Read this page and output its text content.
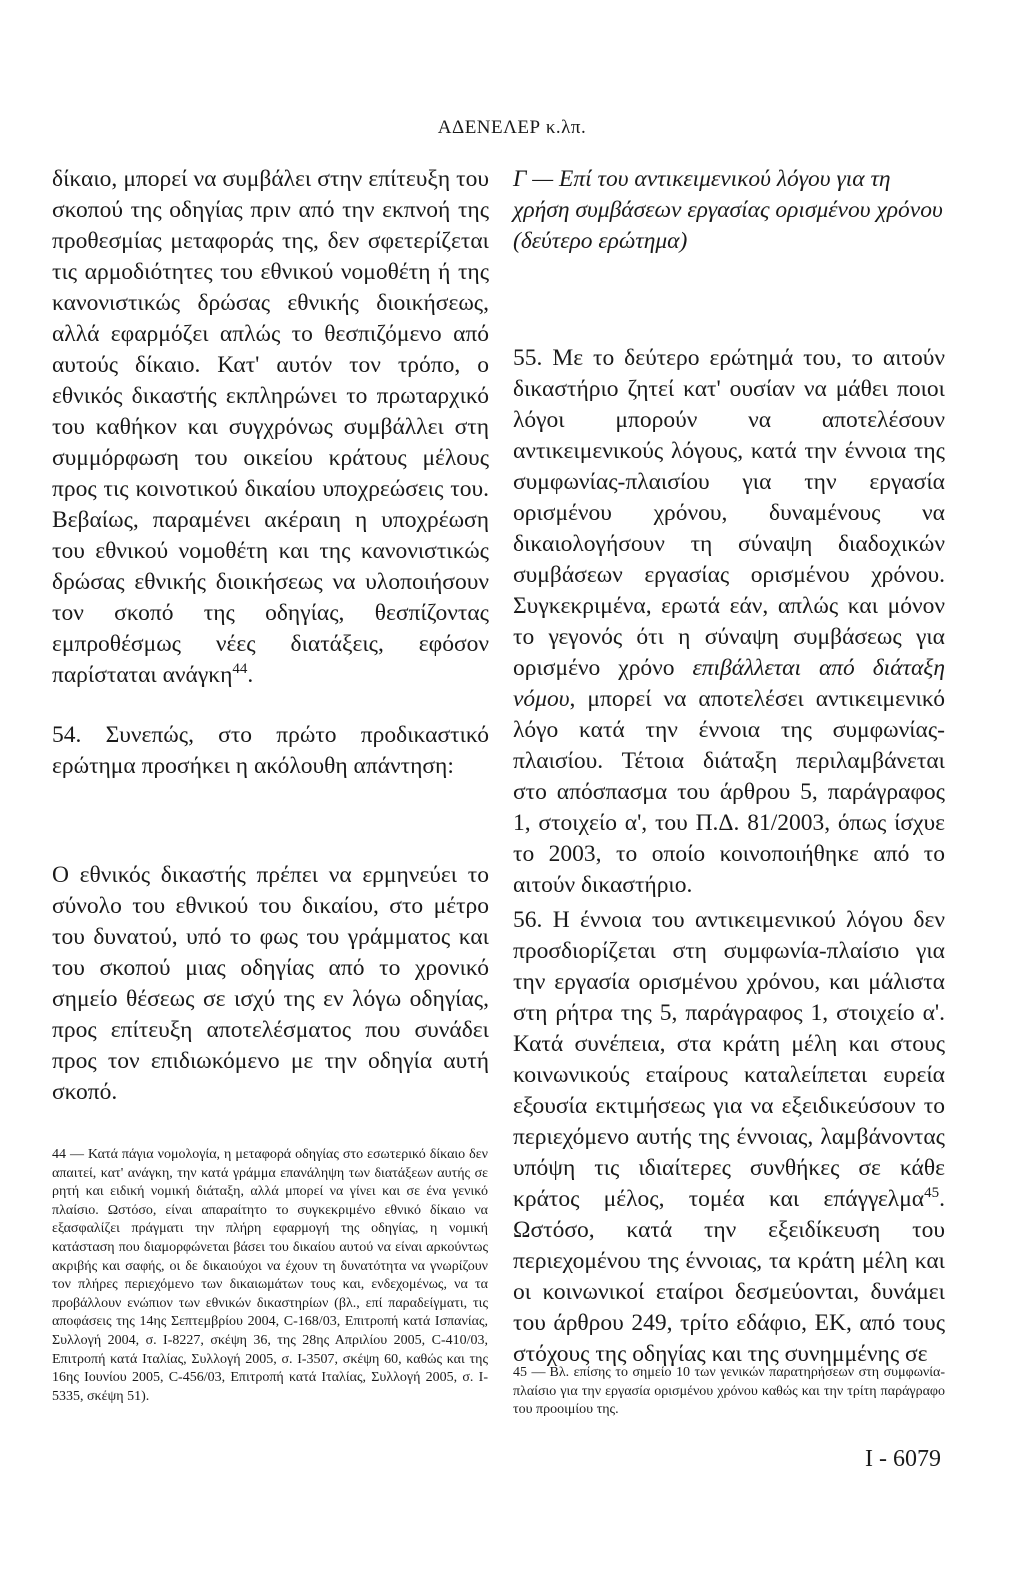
ΑΔΕΝΕΛΕΡ κ.λπ.

δίκαιο, μπορεί να συμβάλει στην επίτευξη του σκοπού της οδηγίας πριν από την εκπνοή της προθεσμίας μεταφοράς της, δεν σφετερίζεται τις αρμοδιότητες του εθνικού νομοθέτη ή της κανονιστικώς δρώσας εθνικής διοικήσεως, αλλά εφαρμόζει απλώς το θεσπιζόμενο από αυτούς δίκαιο. Κατ' αυτόν τον τρόπο, ο εθνικός δικαστής εκπληρώνει το πρωταρχικό του καθήκον και συγχρόνως συμβάλλει στη συμμόρφωση του οικείου κράτους μέλους προς τις κοινοτικού δικαίου υποχρεώσεις του. Βεβαίως, παραμένει ακέραιη η υποχρέωση του εθνικού νομοθέτη και της κανονιστικώς δρώσας εθνικής διοικήσεως να υλοποιήσουν τον σκοπό της οδηγίας, θεσπίζοντας εμπροθέσμως νέες διατάξεις, εφόσον παρίσταται ανάγκη$^{44}$.

54. Συνεπώς, στο πρώτο προδικαστικό ερώτημα προσήκει η ακόλουθη απάντηση:

Ο εθνικός δικαστής πρέπει να ερμηνεύει το σύνολο του εθνικού του δικαίου, στο μέτρο του δυνατού, υπό το φως του γράμματος και του σκοπού μιας οδηγίας από το χρονικό σημείο θέσεως σε ισχύ της εν λόγω οδηγίας, προς επίτευξη αποτελέσματος που συνάδει προς τον επιδιωκόμενο με την οδηγία αυτή σκοπό.

Γ — Επί του αντικειμενικού λόγου για τη χρήση συμβάσεων εργασίας ορισμένου χρόνου (δεύτερο ερώτημα)

55. Με το δεύτερο ερώτημά του, το αιτούν δικαστήριο ζητεί κατ' ουσίαν να μάθει ποιοι λόγοι μπορούν να αποτελέσουν αντικειμενικούς λόγους, κατά την έννοια της συμφωνίας-πλαισίου για την εργασία ορισμένου χρόνου, δυναμένους να δικαιολογήσουν τη σύναψη διαδοχικών συμβάσεων εργασίας ορισμένου χρόνου. Συγκεκριμένα, ερωτά εάν, απλώς και μόνον το γεγονός ότι η σύναψη συμβάσεως για ορισμένο χρόνο επιβάλλεται από διάταξη νόμου, μπορεί να αποτελέσει αντικειμενικό λόγο κατά την έννοια της συμφωνίας-πλαισίου. Τέτοια διάταξη περιλαμβάνεται στο απόσπασμα του άρθρου 5, παράγραφος 1, στοιχείο α', του Π.Δ. 81/2003, όπως ίσχυε το 2003, το οποίο κοινοποιήθηκε από το αιτούν δικαστήριο.

56. Η έννοια του αντικειμενικού λόγου δεν προσδιορίζεται στη συμφωνία-πλαίσιο για την εργασία ορισμένου χρόνου, και μάλιστα στη ρήτρα της 5, παράγραφος 1, στοιχείο α'. Κατά συνέπεια, στα κράτη μέλη και στους κοινωνικούς εταίρους καταλείπεται ευρεία εξουσία εκτιμήσεως για να εξειδικεύσουν το περιεχόμενο αυτής της έννοιας, λαμβάνοντας υπόψη τις ιδιαίτερες συνθήκες σε κάθε κράτος μέλος, τομέα και επάγγελμα$^{45}$. Ωστόσο, κατά την εξειδίκευση του περιεχομένου της έννοιας, τα κράτη μέλη και οι κοινωνικοί εταίροι δεσμεύονται, δυνάμει του άρθρου 249, τρίτο εδάφιο, ΕΚ, από τους στόχους της οδηγίας και της συνημμένης σε

44 — Κατά πάγια νομολογία, η μεταφορά οδηγίας στο εσωτερικό δίκαιο δεν απαιτεί, κατ' ανάγκη, την κατά γράμμα επανάληψη των διατάξεων αυτής σε ρητή και ειδική νομική διάταξη, αλλά μπορεί να γίνει και σε ένα γενικό πλαίσιο. Ωστόσο, είναι απαραίτητο το συγκεκριμένο εθνικό δίκαιο να εξασφαλίζει πράγματι την πλήρη εφαρμογή της οδηγίας, η νομική κατάσταση που διαμορφώνεται βάσει του δικαίου αυτού να είναι αρκούντως ακριβής και σαφής, οι δε δικαιούχοι να έχουν τη δυνατότητα να γνωρίζουν τον πλήρες περιεχόμενο των δικαιωμάτων τους και, ενδεχομένως, να τα προβάλλουν ενώπιον των εθνικών δικαστηρίων (βλ., επί παραδείγματι, τις αποφάσεις της 14ης Σεπτεμβρίου 2004, C-168/03, Επιτροπή κατά Ισπανίας, Συλλογή 2004, σ. I-8227, σκέψη 36, της 28ης Απριλίου 2005, C-410/03, Επιτροπή κατά Ιταλίας, Συλλογή 2005, σ. I-3507, σκέψη 60, καθώς και της 16ης Ιουνίου 2005, C-456/03, Επιτροπή κατά Ιταλίας, Συλλογή 2005, σ. I-5335, σκέψη 51).
45 — Βλ. επίσης το σημείο 10 των γενικών παρατηρήσεων στη συμφωνία-πλαίσιο για την εργασία ορισμένου χρόνου καθώς και την τρίτη παράγραφο του προοιμίου της.
I - 6079
